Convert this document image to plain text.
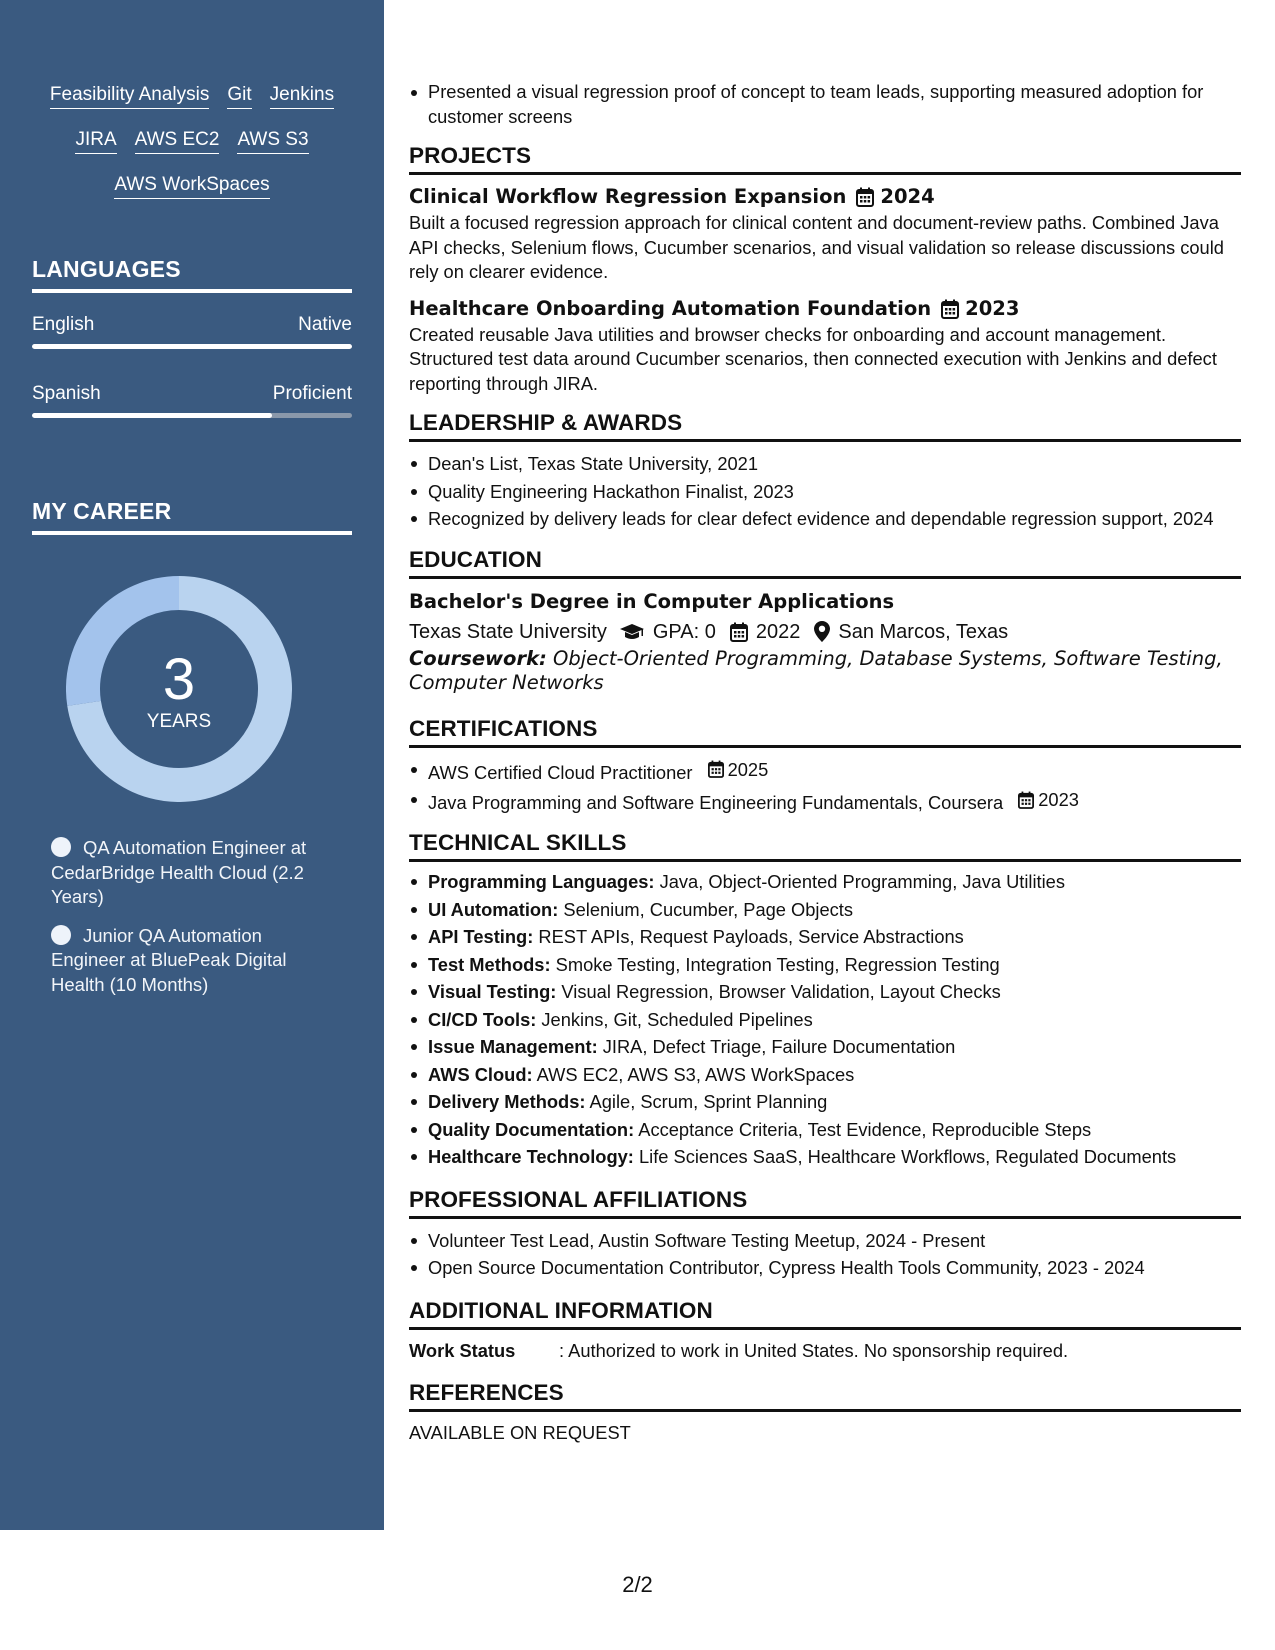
Feasibility Analysis Git Jenkins
JIRA AWS EC2 AWS S3
AWS WorkSpaces
LANGUAGES
English	Native
Spanish	Proficient
MY CAREER
3
YEARS
QA Automation Engineer at CedarBridge Health Cloud (2.2 Years)
Junior QA Automation Engineer at BluePeak Digital Health (10 Months)
Presented a visual regression proof of concept to team leads, supporting measured adoption for customer screens
PROJECTS
Clinical Workflow Regression Expansion 2024
Built a focused regression approach for clinical content and document-review paths. Combined Java API checks, Selenium flows, Cucumber scenarios, and visual validation so release discussions could rely on clearer evidence.
Healthcare Onboarding Automation Foundation 2023
Created reusable Java utilities and browser checks for onboarding and account management. Structured test data around Cucumber scenarios, then connected execution with Jenkins and defect reporting through JIRA.
LEADERSHIP & AWARDS
Dean's List, Texas State University, 2021
Quality Engineering Hackathon Finalist, 2023
Recognized by delivery leads for clear defect evidence and dependable regression support, 2024
EDUCATION
Bachelor's Degree in Computer Applications
Texas State University GPA: 0 2022 San Marcos, Texas
Coursework: Object-Oriented Programming, Database Systems, Software Testing, Computer Networks
CERTIFICATIONS
AWS Certified Cloud Practitioner 2025
Java Programming and Software Engineering Fundamentals, Coursera 2023
TECHNICAL SKILLS
Programming Languages: Java, Object-Oriented Programming, Java Utilities
UI Automation: Selenium, Cucumber, Page Objects
API Testing: REST APIs, Request Payloads, Service Abstractions
Test Methods: Smoke Testing, Integration Testing, Regression Testing
Visual Testing: Visual Regression, Browser Validation, Layout Checks
CI/CD Tools: Jenkins, Git, Scheduled Pipelines
Issue Management: JIRA, Defect Triage, Failure Documentation
AWS Cloud: AWS EC2, AWS S3, AWS WorkSpaces
Delivery Methods: Agile, Scrum, Sprint Planning
Quality Documentation: Acceptance Criteria, Test Evidence, Reproducible Steps
Healthcare Technology: Life Sciences SaaS, Healthcare Workflows, Regulated Documents
PROFESSIONAL AFFILIATIONS
Volunteer Test Lead, Austin Software Testing Meetup, 2024 - Present
Open Source Documentation Contributor, Cypress Health Tools Community, 2023 - 2024
ADDITIONAL INFORMATION
Work Status	: Authorized to work in United States. No sponsorship required.
REFERENCES
AVAILABLE ON REQUEST
2/2
